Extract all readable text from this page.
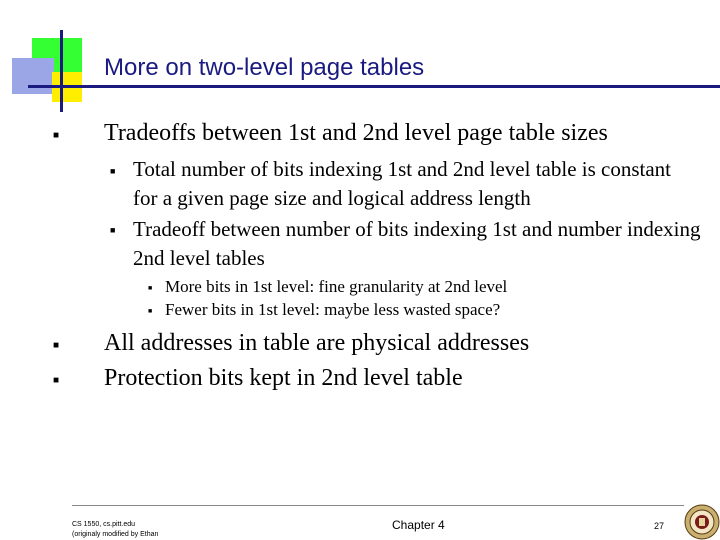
More on two-level page tables
■ Tradeoffs between 1st and 2nd level page table sizes

■ Total number of bits indexing 1st and 2nd level table is constant for a given page size and logical address length

■ Tradeoff between number of bits indexing 1st and number indexing 2nd level tables

■ More bits in 1st level: fine granularity at 2nd level

■ Fewer bits in 1st level: maybe less wasted space?

■ All addresses in table are physical addresses

■ Protection bits kept in 2nd level table

CS 1550, cs.pitt.edu
(originaly modified by Ethan
Chapter 4	27
